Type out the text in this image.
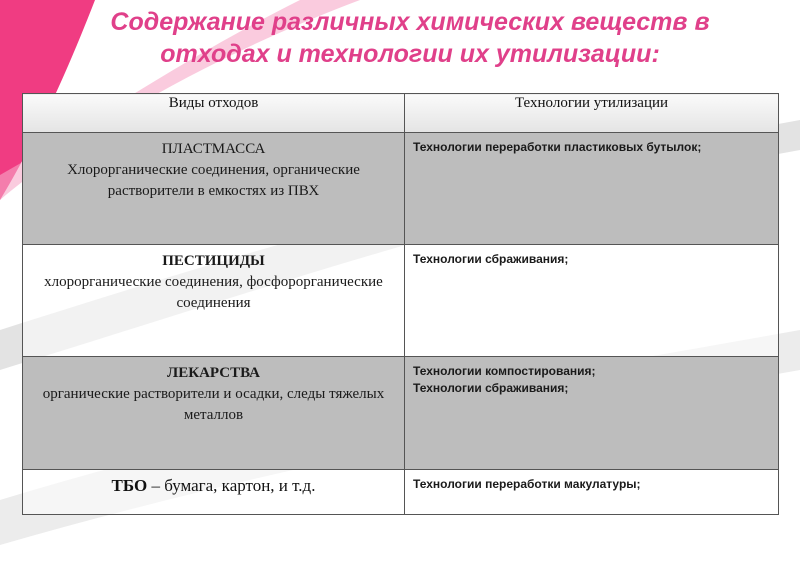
Содержание различных химических веществ в
отходах и технологии их утилизации:
Виды отходов	Технологии утилизации

ПЛАСТМАССА
Хлорорганические соединения, органические растворители в емкостях из ПВХ	Технологии переработки пластиковых бутылок;

ПЕСТИЦИДЫ
хлорорганические соединения, фосфорорганические соединения	Технологии сбраживания;

ЛЕКАРСТВА
органические растворители и осадки, следы тяжелых металлов	Технологии компостирования;
Технологии сбраживания;

ТБО – бумага, картон, и т.д.	Технологии переработки макулатуры;
